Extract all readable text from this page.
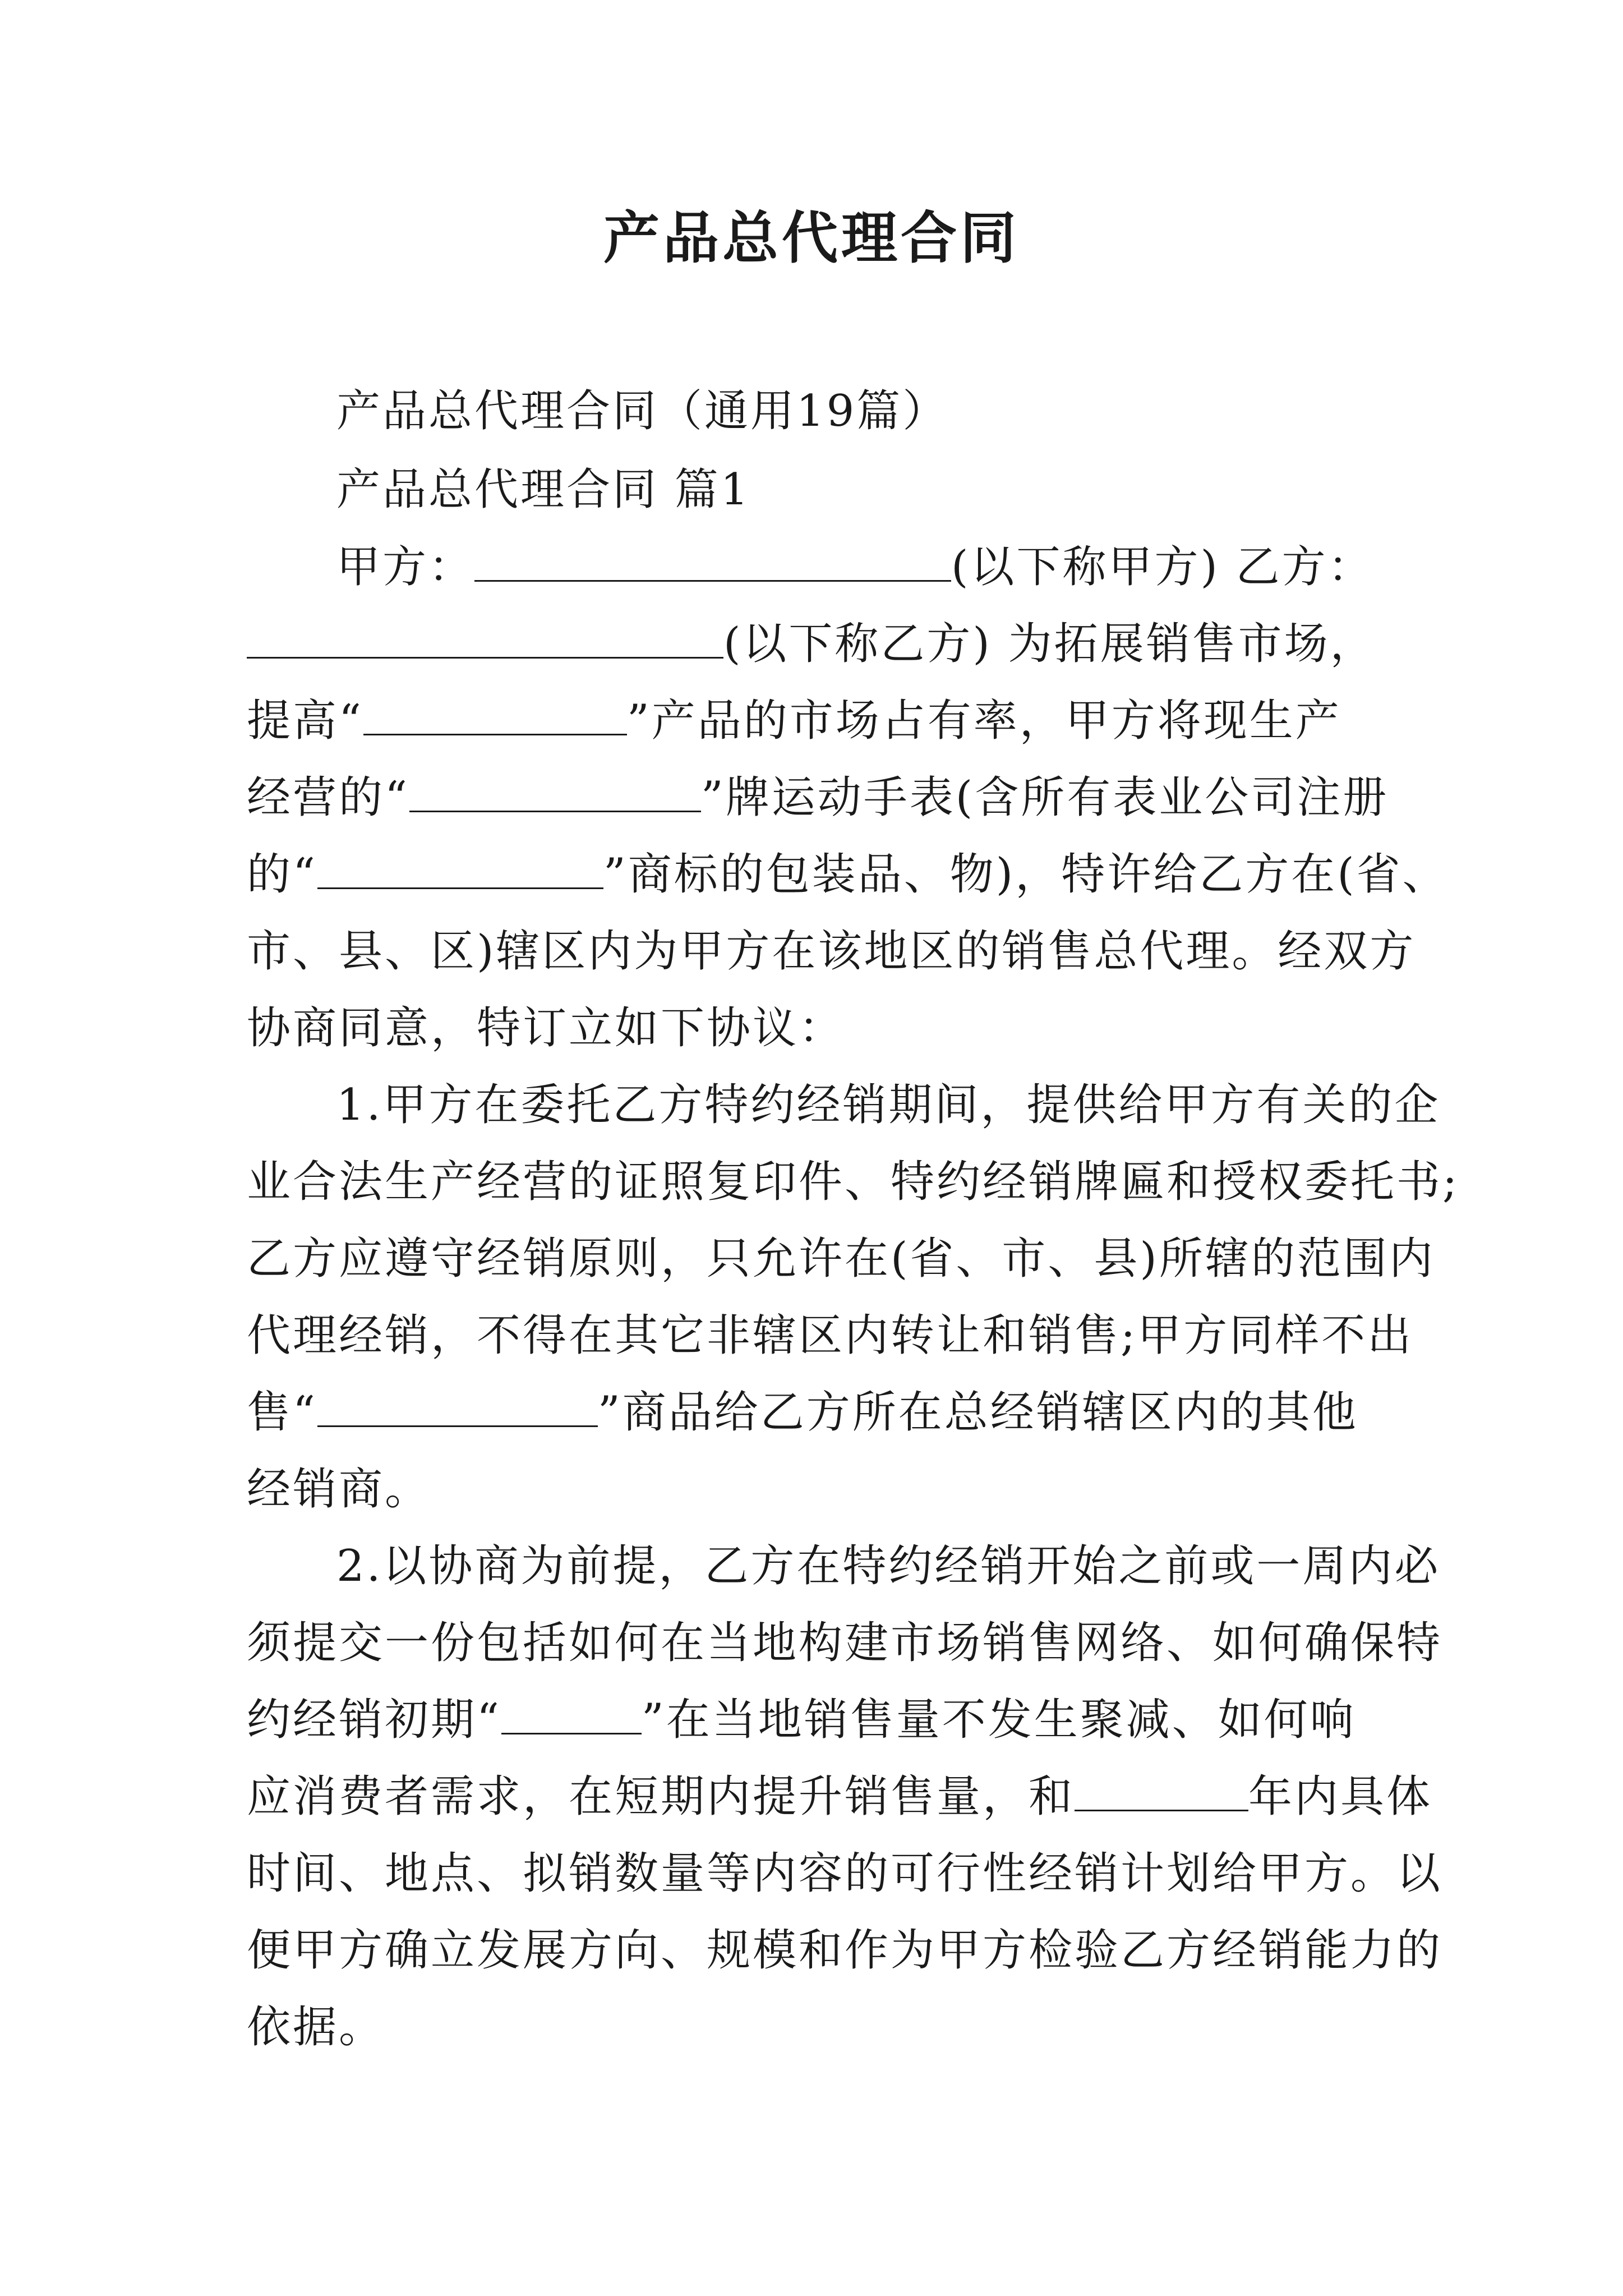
产品总代理合同
产品总代理合同（通用19篇）
产品总代理合同 篇1
甲方：	(以下称甲方) 乙方：
(以下称乙方) 为拓展销售市场，
提高“	”产品的市场占有率，甲方将现生产
经营的“	”牌运动手表(含所有表业公司注册
的“	”商标的包装品、物)，特许给乙方在(省、
市、县、区)辖区内为甲方在该地区的销售总代理。经双方
协商同意，特订立如下协议：
1.甲方在委托乙方特约经销期间，提供给甲方有关的企
业合法生产经营的证照复印件、特约经销牌匾和授权委托书;
乙方应遵守经销原则，只允许在(省、市、县)所辖的范围内
代理经销，不得在其它非辖区内转让和销售;甲方同样不出
售“	”商品给乙方所在总经销辖区内的其他
经销商。
2.以协商为前提，乙方在特约经销开始之前或一周内必
须提交一份包括如何在当地构建市场销售网络、如何确保特
约经销初期“	”在当地销售量不发生聚减、如何响
应消费者需求，在短期内提升销售量，和	年内具体
时间、地点、拟销数量等内容的可行性经销计划给甲方。以
便甲方确立发展方向、规模和作为甲方检验乙方经销能力的
依据。
